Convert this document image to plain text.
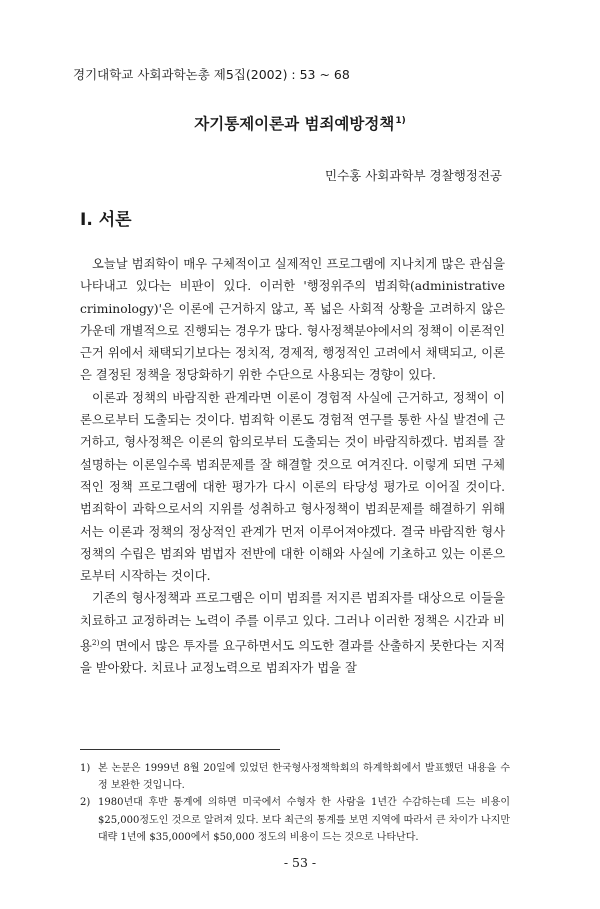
경기대학교 사회과학논총 제5집(2002) : 53 ~ 68
자기통제이론과 범죄예방정책$^{1)}$
민수홍 사회과학부 경찰행정전공
Ⅰ. 서론

오늘날 범죄학이 매우 구체적이고 실제적인 프로그램에 지나치게 많은 관심을 나타내고 있다는 비판이 있다. 이러한 '행정위주의 범죄학(administrative criminology)'은 이론에 근거하지 않고, 폭 넓은 사회적 상황을 고려하지 않은 가운데 개별적으로 진행되는 경우가 많다. 형사정책분야에서의 정책이 이론적인 근거 위에서 채택되기보다는 정치적, 경제적, 행정적인 고려에서 채택되고, 이론은 결정된 정책을 정당화하기 위한 수단으로 사용되는 경향이 있다.

이론과 정책의 바람직한 관계라면 이론이 경험적 사실에 근거하고, 정책이 이론으로부터 도출되는 것이다. 범죄학 이론도 경험적 연구를 통한 사실 발견에 근거하고, 형사정책은 이론의 함의로부터 도출되는 것이 바람직하겠다. 범죄를 잘 설명하는 이론일수록 범죄문제를 잘 해결할 것으로 여겨진다. 이렇게 되면 구체적인 정책 프로그램에 대한 평가가 다시 이론의 타당성 평가로 이어질 것이다. 범죄학이 과학으로서의 지위를 성취하고 형사정책이 범죄문제를 해결하기 위해서는 이론과 정책의 정상적인 관계가 먼저 이루어져야겠다. 결국 바람직한 형사정책의 수립은 범죄와 범법자 전반에 대한 이해와 사실에 기초하고 있는 이론으로부터 시작하는 것이다.

기존의 형사정책과 프로그램은 이미 범죄를 저지른 범죄자를 대상으로 이들을 치료하고 교정하려는 노력이 주를 이루고 있다. 그러나 이러한 정책은 시간과 비용$^{2)}$의 면에서 많은 투자를 요구하면서도 의도한 결과를 산출하지 못한다는 지적을 받아왔다. 치료나 교정노력으로 범죄자가 법을 잘

1) 본 논문은 1999년 8월 20일에 있었던 한국형사정책학회의 하계학회에서 발표했던 내용을 수정 보완한 것입니다.
2) 1980년대 후반 통계에 의하면 미국에서 수형자 한 사람을 1년간 수감하는데 드는 비용이 $25,000정도인 것으로 알려져 있다. 보다 최근의 통계를 보면 지역에 따라서 큰 차이가 나지만 대략 1년에 $35,000에서 $50,000 정도의 비용이 드는 것으로 나타난다.
- 53 -
